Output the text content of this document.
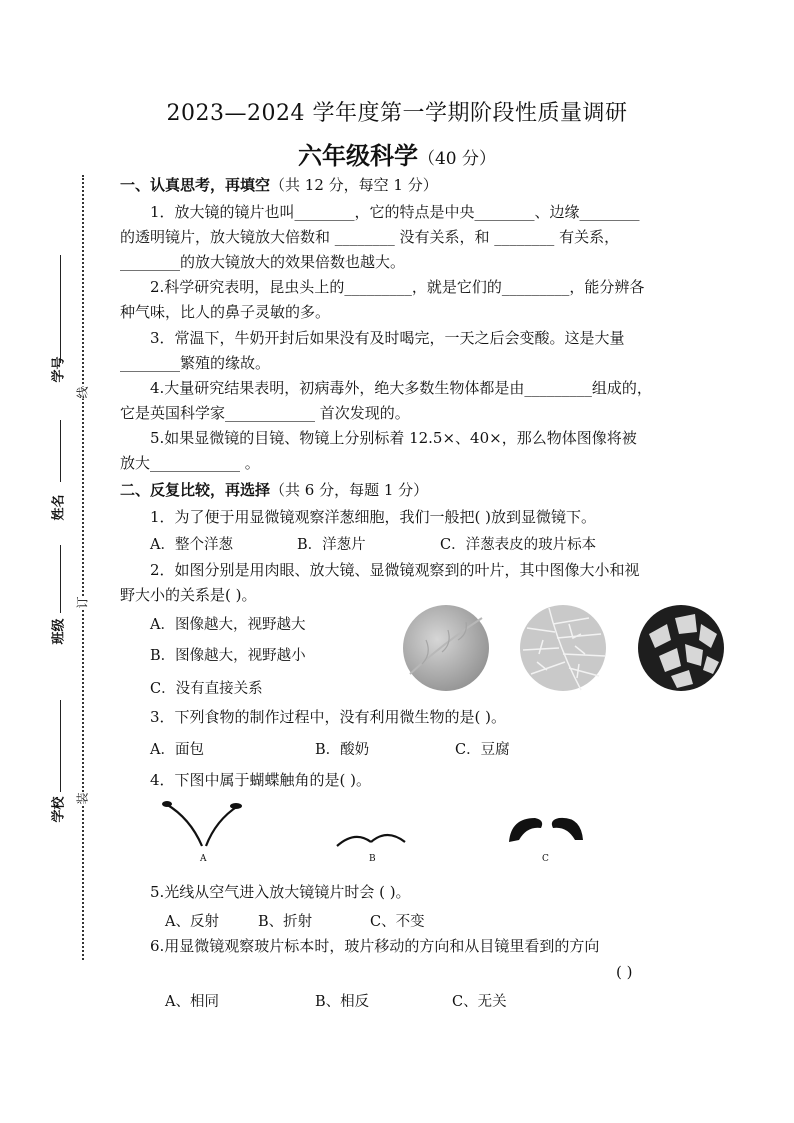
学号
姓名
班级
学校
线
订
装
2023—2024 学年度第一学期阶段性质量调研
六年级科学（40 分）
一、认真思考，再填空（共 12 分，每空 1 分）
1．放大镜的镜片也叫________，它的特点是中央________、边缘________
的透明镜片，放大镜放大倍数和 ________ 没有关系，和 ________ 有关系，
________的放大镜放大的效果倍数也越大。
2.科学研究表明，昆虫头上的_________，就是它们的_________，能分辨各
种气味，比人的鼻子灵敏的多。
3．常温下，牛奶开封后如果没有及时喝完，一天之后会变酸。这是大量
________繁殖的缘故。
4.大量研究结果表明，初病毒外，绝大多数生物体都是由_________组成的，
它是英国科学家____________ 首次发现的。
5.如果显微镜的目镜、物镜上分别标着 12.5×、40×，那么物体图像将被
放大____________ 。
二、反复比较，再选择（共 6 分，每题 1 分）
1．为了便于用显微镜观察洋葱细胞，我们一般把( )放到显微镜下。
A．整个洋葱	B．洋葱片	C．洋葱表皮的玻片标本
2．如图分别是用肉眼、放大镜、显微镜观察到的叶片，其中图像大小和视
野大小的关系是( )。
A．图像越大，视野越大
B．图像越大，视野越小
C．没有直接关系
3．下列食物的制作过程中，没有利用微生物的是( )。
A．面包	B．酸奶	C．豆腐
4．下图中属于蝴蝶触角的是( )。
A	B	C
5.光线从空气进入放大镜镜片时会 ( )。
A、反射	B、折射	C、不变
6.用显微镜观察玻片标本时，玻片移动的方向和从目镜里看到的方向
( )
A、相同	B、相反	C、无关
